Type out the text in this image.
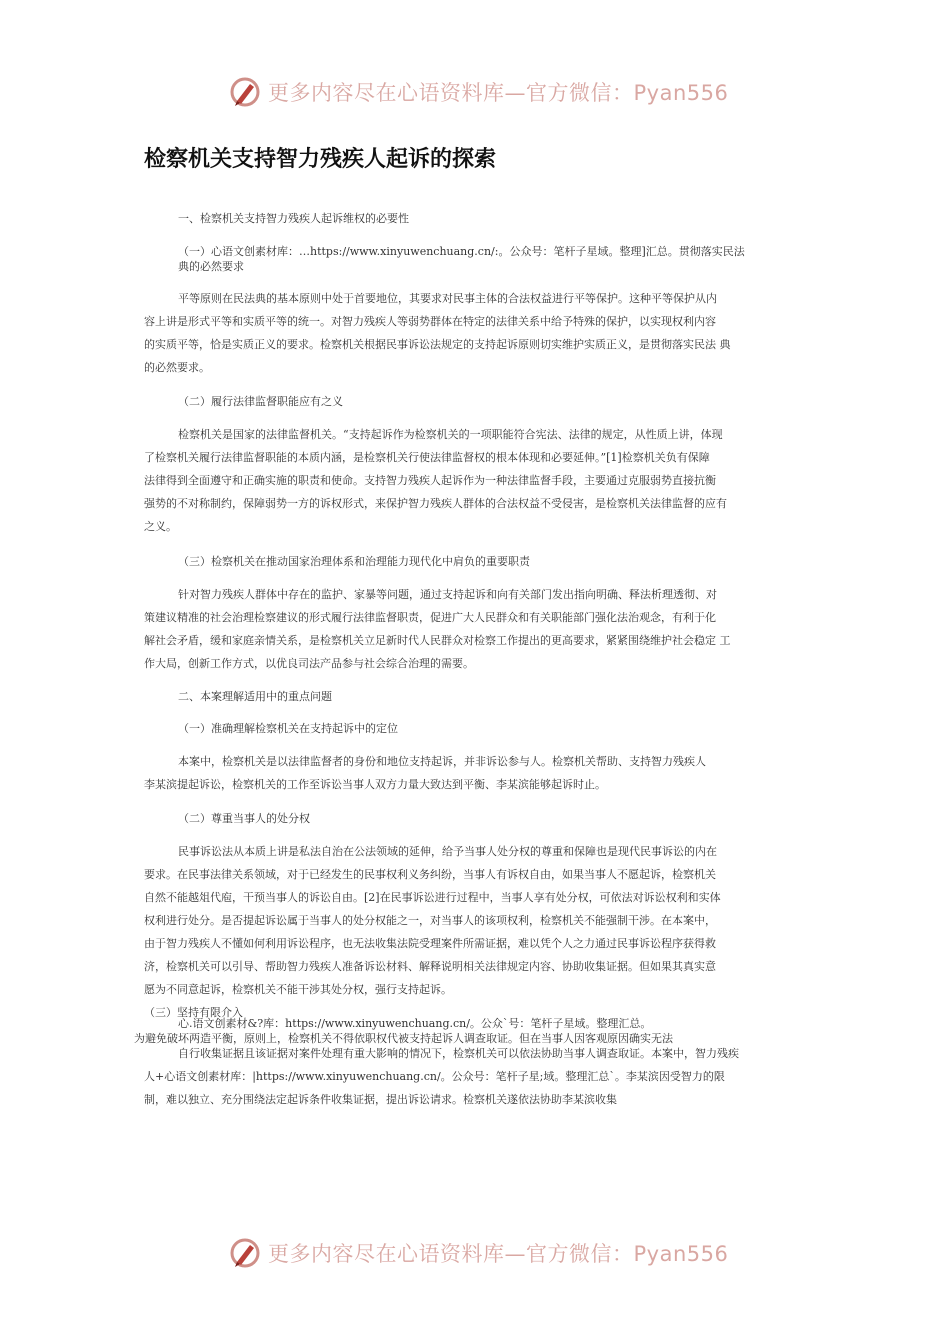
更多内容尽在心语资料库—官方微信：Pyan556
检察机关支持智力残疾人起诉的探索
一、检察机关支持智力残疾人起诉维权的必要性
（一）心语文创素材库：…https://www.xinyuwenchuang.cn/:。公众号：笔杆子星域。整理]汇总。贯彻落实民法
典的必然要求
平等原则在民法典的基本原则中处于首要地位，其要求对民事主体的合法权益进行平等保护。这种平等保护从内
容上讲是形式平等和实质平等的统一。对智力残疾人等弱势群体在特定的法律关系中给予特殊的保护，以实现权利内容
的实质平等，恰是实质正义的要求。检察机关根据民事诉讼法规定的支持起诉原则切实维护实质正义，是贯彻落实民法 典
的必然要求。
（二）履行法律监督职能应有之义
检察机关是国家的法律监督机关。“支持起诉作为检察机关的一项职能符合宪法、法律的规定，从性质上讲，体现
了检察机关履行法律监督职能的本质内涵，是检察机关行使法律监督权的根本体现和必要延伸。”[1]检察机关负有保障
法律得到全面遵守和正确实施的职责和使命。支持智力残疾人起诉作为一种法律监督手段，主要通过克服弱势直接抗衡
强势的不对称制约，保障弱势一方的诉权形式，来保护智力残疾人群体的合法权益不受侵害，是检察机关法律监督的应有
之义。
（三）检察机关在推动国家治理体系和治理能力现代化中肩负的重要职责
针对智力残疾人群体中存在的监护、家暴等问题，通过支持起诉和向有关部门发出指向明确、释法析理透彻、对
策建议精准的社会治理检察建议的形式履行法律监督职责，促进广大人民群众和有关职能部门强化法治观念，有利于化
解社会矛盾，缓和家庭亲情关系，是检察机关立足新时代人民群众对检察工作提出的更高要求，紧紧围绕维护社会稳定 工
作大局，创新工作方式，以优良司法产品参与社会综合治理的需要。
二、本案理解适用中的重点问题
（一）准确理解检察机关在支持起诉中的定位
本案中，检察机关是以法律监督者的身份和地位支持起诉，并非诉讼参与人。检察机关帮助、支持智力残疾人
李某滨提起诉讼，检察机关的工作至诉讼当事人双方力量大致达到平衡、李某滨能够起诉时止。
（二）尊重当事人的处分权
民事诉讼法从本质上讲是私法自治在公法领域的延伸，给予当事人处分权的尊重和保障也是现代民事诉讼的内在
要求。在民事法律关系领域，对于已经发生的民事权利义务纠纷，当事人有诉权自由，如果当事人不愿起诉，检察机关
自然不能越俎代庖，干预当事人的诉讼自由。[2]在民事诉讼进行过程中，当事人享有处分权，可依法对诉讼权利和实体
权利进行处分。是否提起诉讼属于当事人的处分权能之一，对当事人的该项权利，检察机关不能强制干涉。在本案中，
由于智力残疾人不懂如何利用诉讼程序，也无法收集法院受理案件所需证据，难以凭个人之力通过民事诉讼程序获得救
济，检察机关可以引导、帮助智力残疾人准备诉讼材料、解释说明相关法律规定内容、协助收集证据。但如果其真实意
愿为不同意起诉，检察机关不能干涉其处分权，强行支持起诉。
（三）坚持有限介入
心.语文创素材&?库：https://www.xinyuwenchuang.cn/。公众`号：笔杆子星域。整理汇总。
为避免破坏两造平衡，原则上，检察机关不得依职权代被支持起诉人调查取证。但在当事人因客观原因确实无法
自行收集证据且该证据对案件处理有重大影响的情况下，检察机关可以依法协助当事人调查取证。本案中，智力残疾
人+心语文创素材库：|https://www.xinyuwenchuang.cn/。公众号：笔杆子星;域。整理汇总`。李某滨因受智力的限
制，难以独立、充分围绕法定起诉条件收集证据，提出诉讼请求。检察机关遂依法协助李某滨收集
更多内容尽在心语资料库—官方微信：Pyan556
